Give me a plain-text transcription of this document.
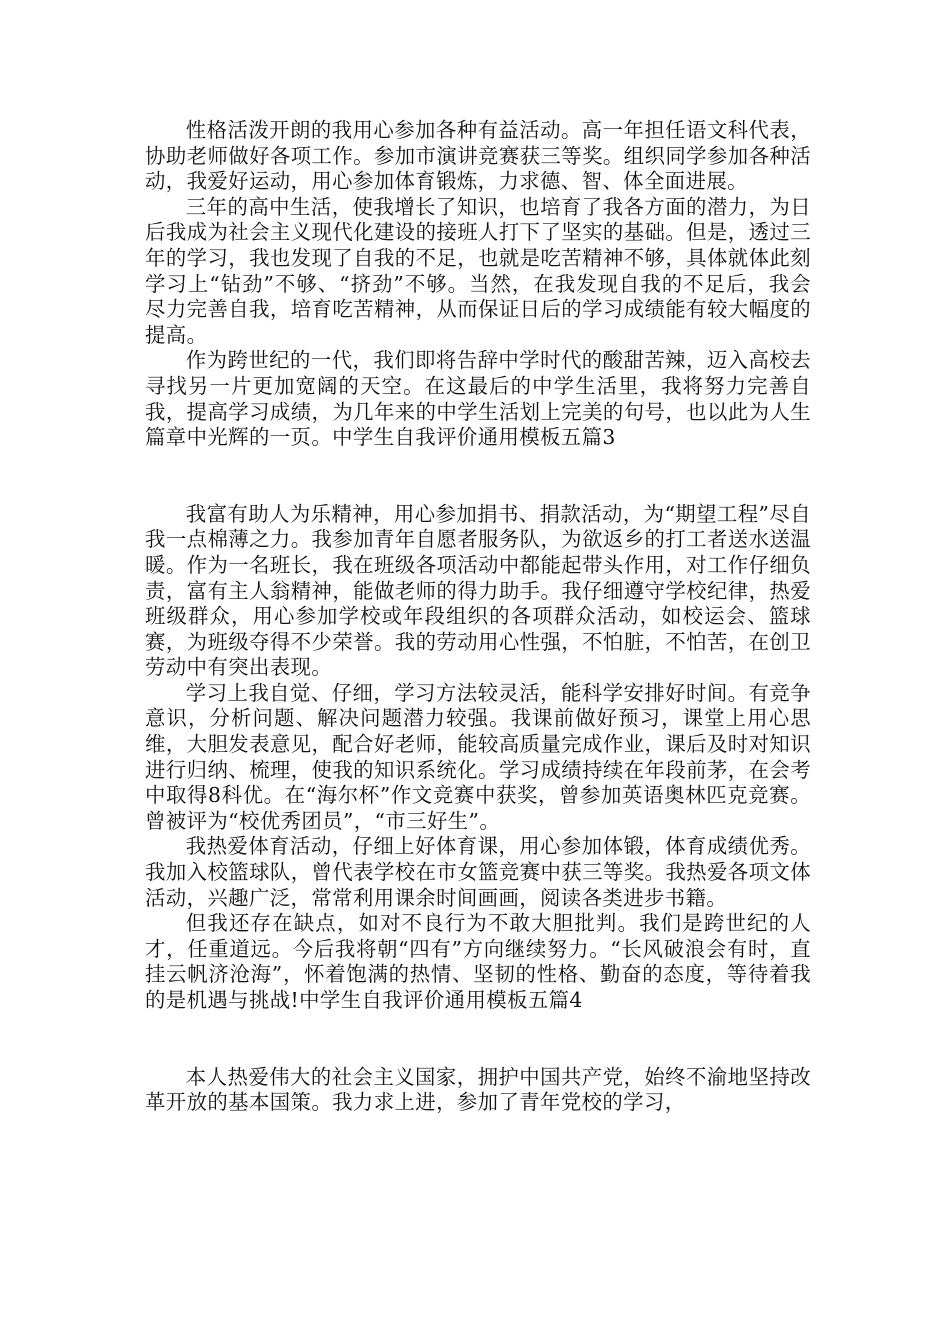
性格活泼开朗的我用心参加各种有益活动。高一年担任语文科代表，协助老师做好各项工作。参加市演讲竞赛获三等奖。组织同学参加各种活动，我爱好运动，用心参加体育锻炼，力求德、智、体全面进展。

三年的高中生活，使我增长了知识，也培育了我各方面的潜力，为日后我成为社会主义现代化建设的接班人打下了坚实的基础。但是，透过三年的学习，我也发现了自我的不足，也就是吃苦精神不够，具体就体此刻学习上“钻劲”不够、“挤劲”不够。当然，在我发现自我的不足后，我会尽力完善自我，培育吃苦精神，从而保证日后的学习成绩能有较大幅度的提高。

作为跨世纪的一代，我们即将告辞中学时代的酸甜苦辣，迈入高校去寻找另一片更加宽阔的天空。在这最后的中学生活里，我将努力完善自我，提高学习成绩，为几年来的中学生活划上完美的句号，也以此为人生篇章中光辉的一页。中学生自我评价通用模板五篇3

我富有助人为乐精神，用心参加捐书、捐款活动，为“期望工程”尽自我一点棉薄之力。我参加青年自愿者服务队，为欲返乡的打工者送水送温暖。作为一名班长，我在班级各项活动中都能起带头作用，对工作仔细负责，富有主人翁精神，能做老师的得力助手。我仔细遵守学校纪律，热爱班级群众，用心参加学校或年段组织的各项群众活动，如校运会、篮球赛，为班级夺得不少荣誉。我的劳动用心性强，不怕脏，不怕苦，在创卫劳动中有突出表现。

学习上我自觉、仔细，学习方法较灵活，能科学安排好时间。有竞争意识，分析问题、解决问题潜力较强。我课前做好预习，课堂上用心思维，大胆发表意见，配合好老师，能较高质量完成作业，课后及时对知识进行归纳、梳理，使我的知识系统化。学习成绩持续在年段前茅，在会考中取得8科优。在“海尔杯”作文竞赛中获奖，曾参加英语奥林匹克竞赛。曾被评为“校优秀团员”，“市三好生”。

我热爱体育活动，仔细上好体育课，用心参加体锻，体育成绩优秀。我加入校篮球队，曾代表学校在市女篮竞赛中获三等奖。我热爱各项文体活动，兴趣广泛，常常利用课余时间画画，阅读各类进步书籍。

但我还存在缺点，如对不良行为不敢大胆批判。我们是跨世纪的人才，任重道远。今后我将朝“四有”方向继续努力。“长风破浪会有时，直挂云帆济沧海”，怀着饱满的热情、坚韧的性格、勤奋的态度，等待着我的是机遇与挑战!中学生自我评价通用模板五篇4

本人热爱伟大的社会主义国家，拥护中国共产党，始终不渝地坚持改革开放的基本国策。我力求上进，参加了青年党校的学习，
